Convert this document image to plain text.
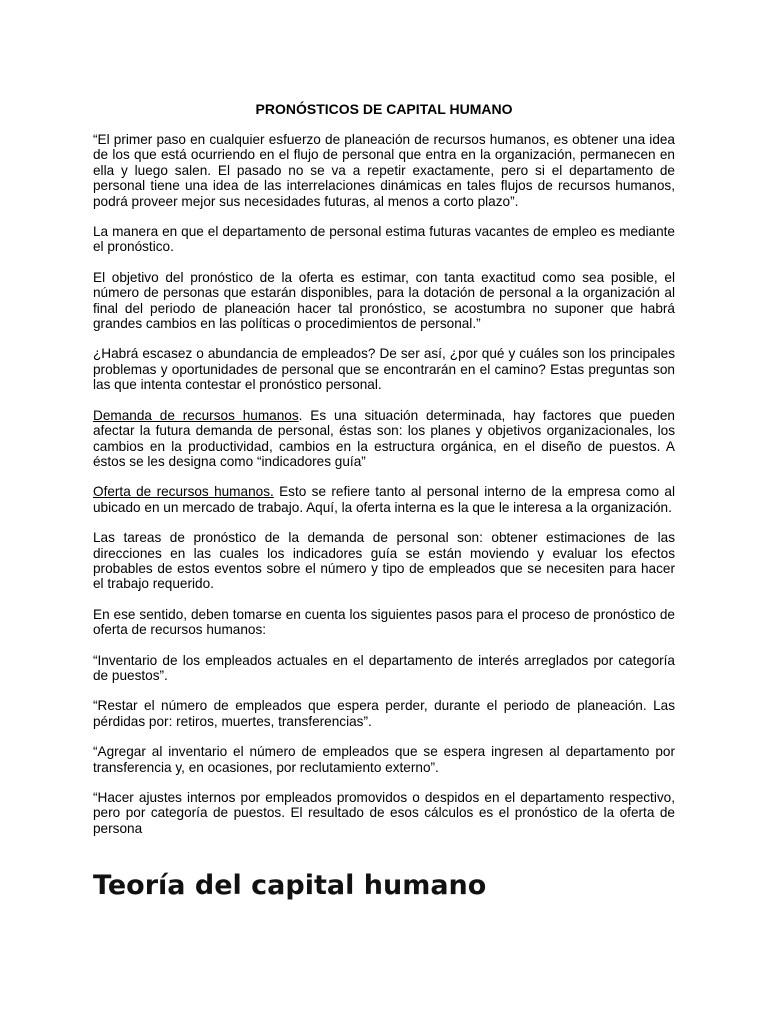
PRONÓSTICOS DE CAPITAL HUMANO

“El primer paso en cualquier esfuerzo de planeación de recursos humanos, es obtener una idea de los que está ocurriendo en el flujo de personal que entra en la organización, permanecen en ella y luego salen. El pasado no se va a repetir exactamente, pero si el departamento de personal tiene una idea de las interrelaciones dinámicas en tales flujos de recursos humanos, podrá proveer mejor sus necesidades futuras, al menos a corto plazo”.

La manera en que el departamento de personal estima futuras vacantes de empleo es mediante el pronóstico.

El objetivo del pronóstico de la oferta es estimar, con tanta exactitud como sea posible, el número de personas que estarán disponibles, para la dotación de personal a la organización al final del periodo de planeación hacer tal pronóstico, se acostumbra no suponer que habrá grandes cambios en las políticas o procedimientos de personal.”

¿Habrá escasez o abundancia de empleados? De ser así, ¿por qué y cuáles son los principales problemas y oportunidades de personal que se encontrarán en el camino? Estas preguntas son las que intenta contestar el pronóstico personal.

Demanda de recursos humanos. Es una situación determinada, hay factores que pueden afectar la futura demanda de personal, éstas son: los planes y objetivos organizacionales, los cambios en la productividad, cambios en la estructura orgánica, en el diseño de puestos. A éstos se les designa como “indicadores guía”

Oferta de recursos humanos. Esto se refiere tanto al personal interno de la empresa como al ubicado en un mercado de trabajo. Aquí, la oferta interna es la que le interesa a la organización.

Las tareas de pronóstico de la demanda de personal son: obtener estimaciones de las direcciones en las cuales los indicadores guía se están moviendo y evaluar los efectos probables de estos eventos sobre el número y tipo de empleados que se necesiten para hacer el trabajo requerido.

En ese sentido, deben tomarse en cuenta los siguientes pasos para el proceso de pronóstico de oferta de recursos humanos:

“Inventario de los empleados actuales en el departamento de interés arreglados por categoría de puestos”.

“Restar el número de empleados que espera perder, durante el periodo de planeación. Las pérdidas por: retiros, muertes, transferencias”.

“Agregar al inventario el número de empleados que se espera ingresen al departamento por transferencia y, en ocasiones, por reclutamiento externo”.

“Hacer ajustes internos por empleados promovidos o despidos en el departamento respectivo, pero por categoría de puestos. El resultado de esos cálculos es el pronóstico de la oferta de persona

Teoría del capital humano
